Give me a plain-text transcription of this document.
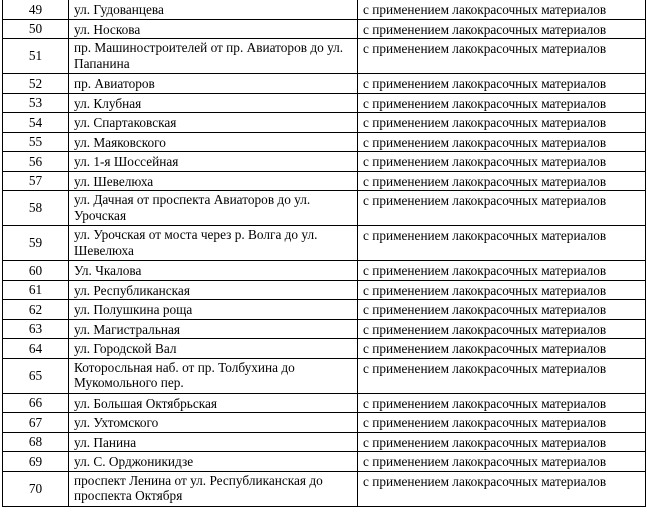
49	ул. Гудованцева	с применением лакокрасочных материалов
50	ул. Носкова	с применением лакокрасочных материалов
51	пр. Машиностроителей от пр. Авиаторов до ул. Папанина	с применением лакокрасочных материалов
52	пр. Авиаторов	с применением лакокрасочных материалов
53	ул. Клубная	с применением лакокрасочных материалов
54	ул. Спартаковская	с применением лакокрасочных материалов
55	ул. Маяковского	с применением лакокрасочных материалов
56	ул. 1-я Шоссейная	с применением лакокрасочных материалов
57	ул. Шевелюха	с применением лакокрасочных материалов
58	ул. Дачная от проспекта Авиаторов до ул. Урочская	с применением лакокрасочных материалов
59	ул. Урочская от моста через р. Волга до ул. Шевелюха	с применением лакокрасочных материалов
60	Ул. Чкалова	с применением лакокрасочных материалов
61	ул. Республиканская	с применением лакокрасочных материалов
62	ул. Полушкина роща	с применением лакокрасочных материалов
63	ул. Магистральная	с применением лакокрасочных материалов
64	ул. Городской Вал	с применением лакокрасочных материалов
65	Которосльная наб. от пр. Толбухина до Мукомольного пер.	с применением лакокрасочных материалов
66	ул. Большая Октябрьская	с применением лакокрасочных материалов
67	ул. Ухтомского	с применением лакокрасочных материалов
68	ул. Панина	с применением лакокрасочных материалов
69	ул. С. Орджоникидзе	с применением лакокрасочных материалов
70	проспект Ленина от ул. Республиканская до проспекта Октября	с применением лакокрасочных материалов
